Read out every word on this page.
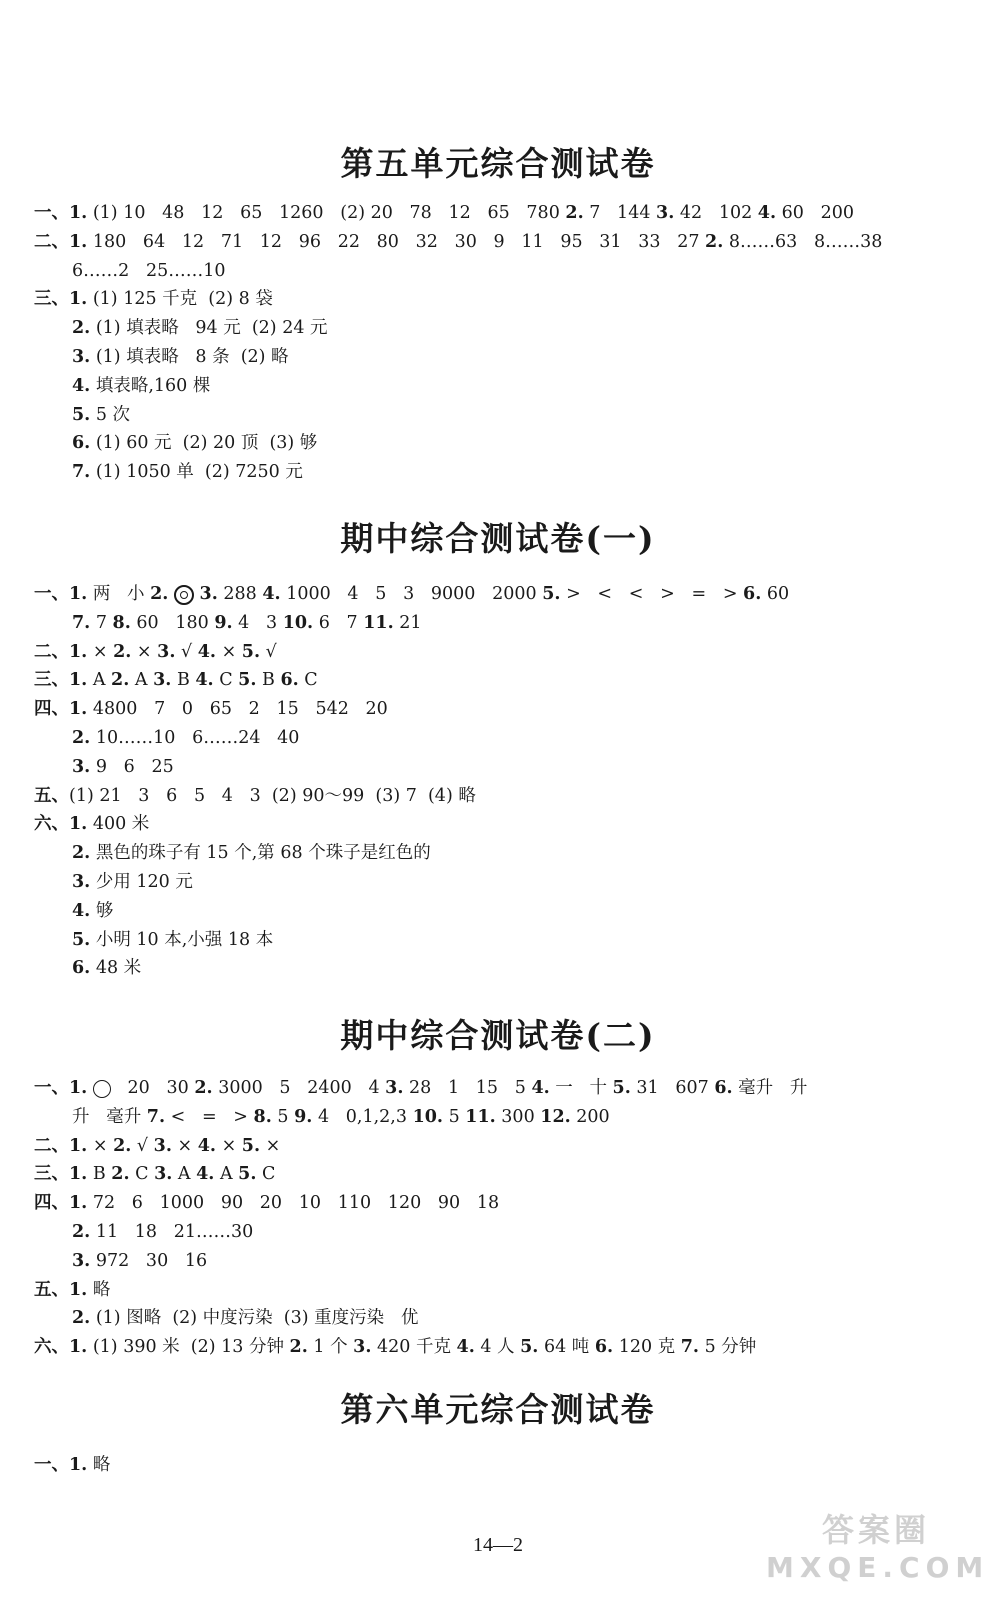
第五单元综合测试卷
一、1. (1) 10   48   12   65   1260   (2) 20   78   12   65   780 2. 7   144 3. 42   102 4. 60   200
二、1. 180   64   12   71   12   96   22   80   32   30   9   11   95   31   33   27 2. 8……63   8……38
6……2   25……10
三、1. (1) 125 千克  (2) 8 袋
2. (1) 填表略   94 元  (2) 24 元
3. (1) 填表略   8 条  (2) 略
4. 填表略,160 棵
5. 5 次
6. (1) 60 元  (2) 20 顶  (3) 够
7. (1) 1050 单  (2) 7250 元
期中综合测试卷(一)
一、1. 两   小 2. 3. 288 4. 1000   4   5   3   9000   2000 5. >   <   <   >   =   > 6. 60
7. 7 8. 60   180 9. 4   3 10. 6   7 11. 21
二、1. × 2. × 3. √ 4. × 5. √
三、1. A 2. A 3. B 4. C 5. B 6. C
四、1. 4800   7   0   65   2   15   542   20
2. 10……10   6……24   40
3. 9   6   25
五、(1) 21   3   6   5   4   3  (2) 90～99  (3) 7  (4) 略
六、1. 400 米
2. 黑色的珠子有 15 个,第 68 个珠子是红色的
3. 少用 120 元
4. 够
5. 小明 10 本,小强 18 本
6. 48 米
期中综合测试卷(二)
一、1.    20   30 2. 3000   5   2400   4 3. 28   1   15   5 4. 一   十 5. 31   607 6. 毫升   升
升   毫升 7. <   =   > 8. 5 9. 4   0,1,2,3 10. 5 11. 300 12. 200
二、1. × 2. √ 3. × 4. × 5. ×
三、1. B 2. C 3. A 4. A 5. C
四、1. 72   6   1000   90   20   10   110   120   90   18
2. 11   18   21……30
3. 972   30   16
五、1. 略
2. (1) 图略  (2) 中度污染  (3) 重度污染   优
六、1. (1) 390 米  (2) 13 分钟 2. 1 个 3. 420 千克 4. 4 人 5. 64 吨 6. 120 克 7. 5 分钟
第六单元综合测试卷
一、1. 略
14—2	答案圈
MXQE.COM
